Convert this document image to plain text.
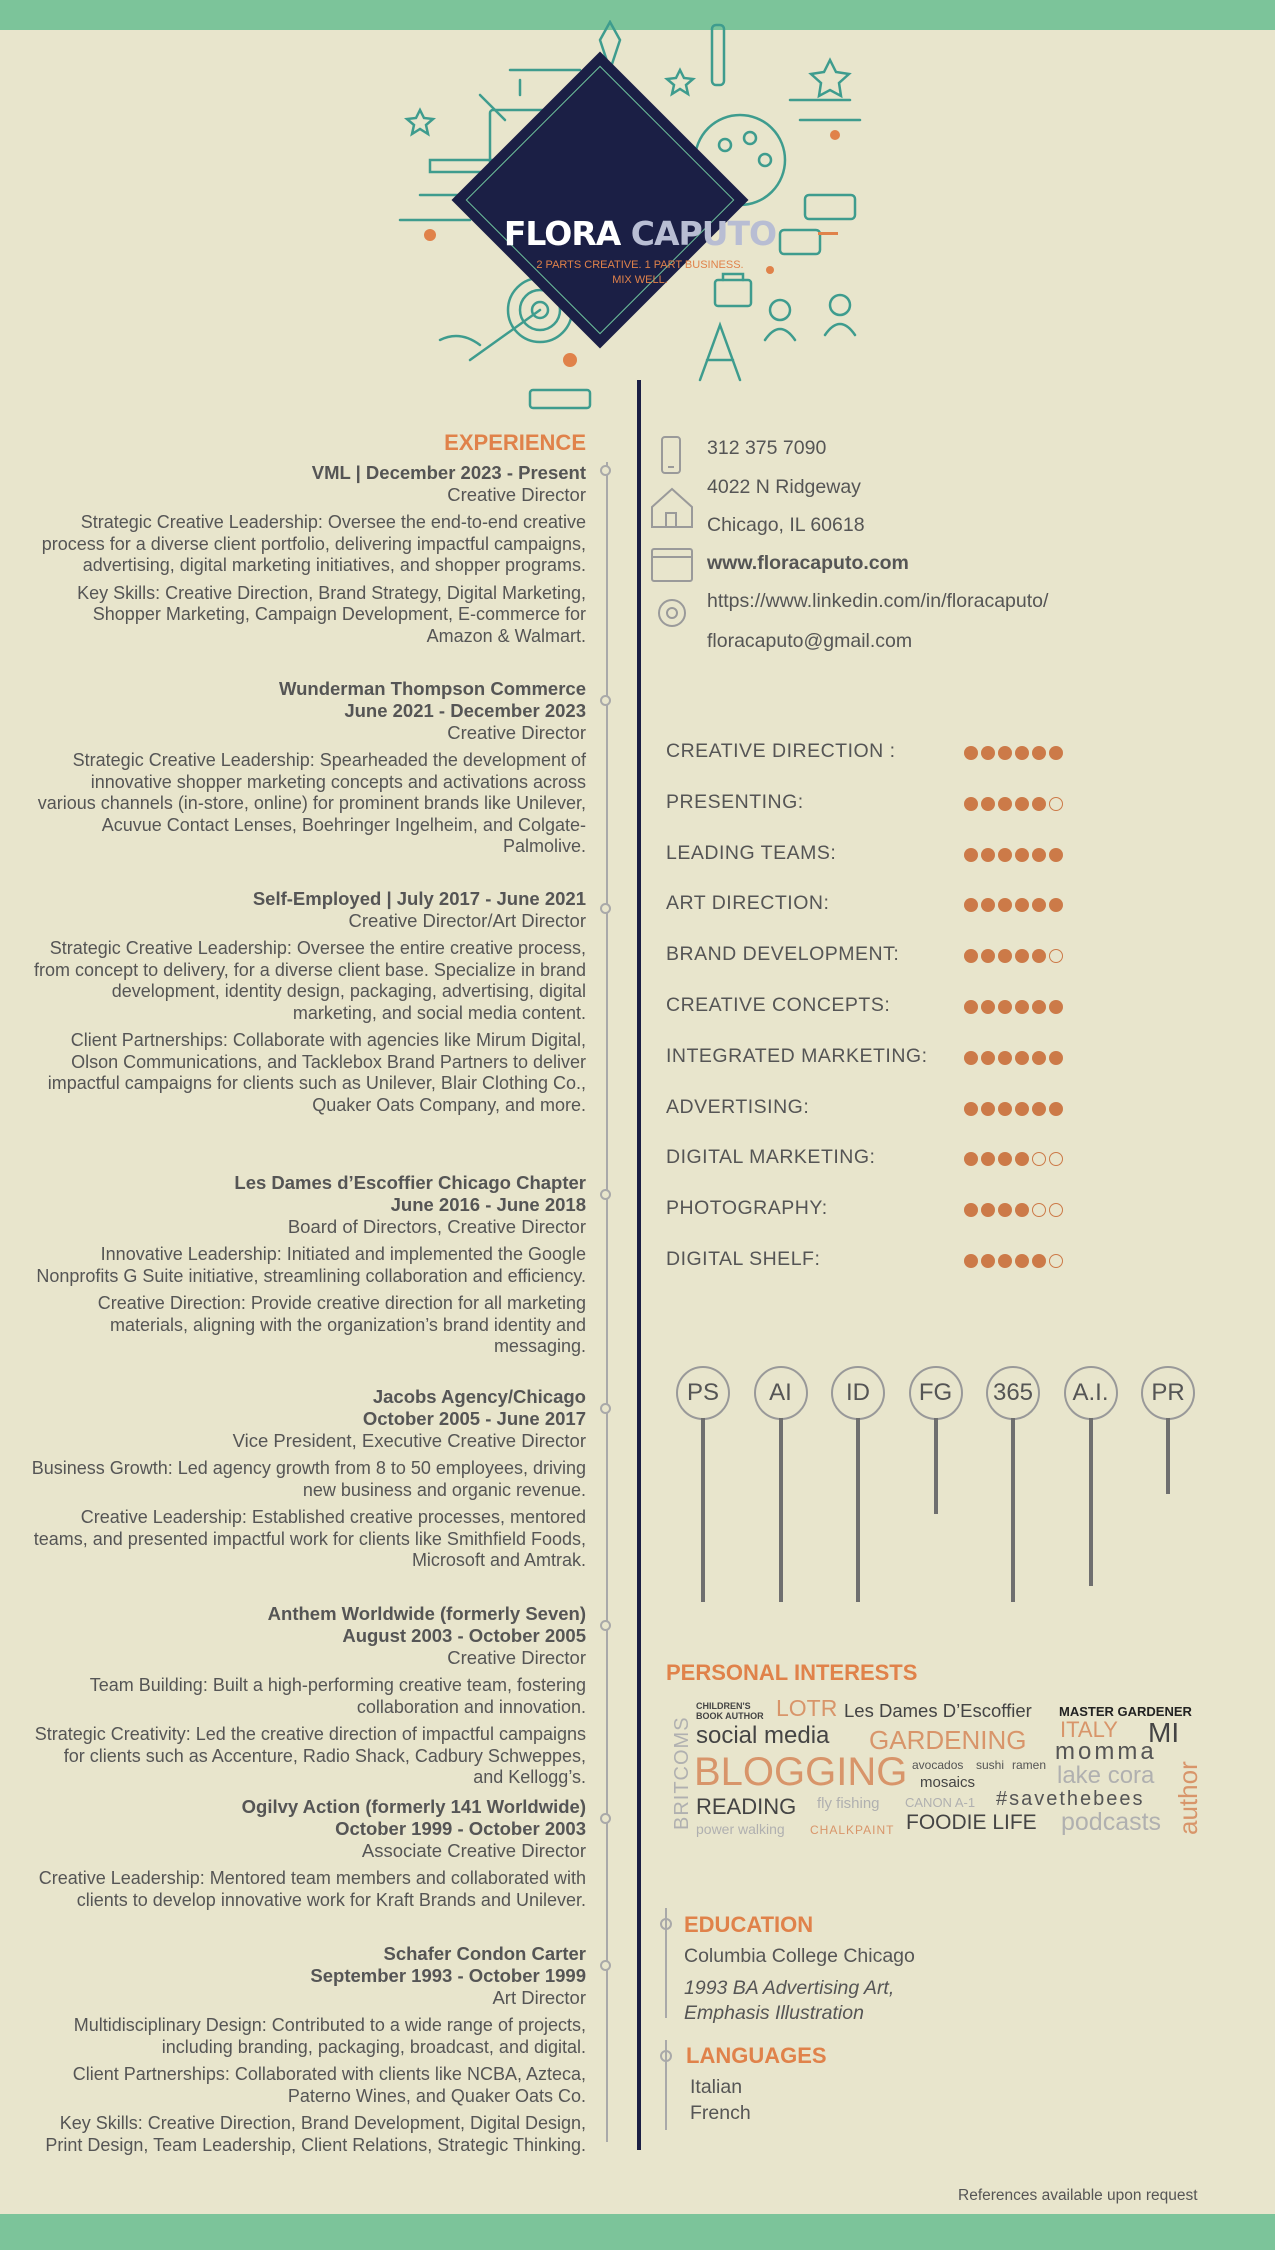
FLORA CAPUTO
2 PARTS CREATIVE. 1 PART BUSINESS. MIX WELL.
EXPERIENCE
VML | December 2023 - Present
Creative Director
Strategic Creative Leadership: Oversee the end-to-end creative process for a diverse client portfolio, delivering impactful campaigns, advertising, digital marketing initiatives, and shopper programs.
Key Skills: Creative Direction, Brand Strategy, Digital Marketing, Shopper Marketing, Campaign Development, E-commerce for Amazon & Walmart.
Wunderman Thompson Commerce
June 2021 - December 2023
Creative Director
Strategic Creative Leadership: Spearheaded the development of innovative shopper marketing concepts and activations across various channels (in-store, online) for prominent brands like Unilever, Acuvue Contact Lenses, Boehringer Ingelheim, and Colgate-Palmolive.
Self-Employed | July 2017 - June 2021
Creative Director/Art Director
Strategic Creative Leadership: Oversee the entire creative process, from concept to delivery, for a diverse client base. Specialize in brand development, identity design, packaging, advertising, digital marketing, and social media content.
Client Partnerships: Collaborate with agencies like Mirum Digital, Olson Communications, and Tacklebox Brand Partners to deliver impactful campaigns for clients such as Unilever, Blair Clothing Co., Quaker Oats Company, and more.
Les Dames d’Escoffier Chicago Chapter
June 2016 - June 2018
Board of Directors, Creative Director
Innovative Leadership: Initiated and implemented the Google Nonprofits G Suite initiative, streamlining collaboration and efficiency.
Creative Direction: Provide creative direction for all marketing materials, aligning with the organization’s brand identity and messaging.
Jacobs Agency/Chicago
October 2005 - June 2017
Vice President, Executive Creative Director
Business Growth: Led agency growth from 8 to 50 employees, driving new business and organic revenue.
Creative Leadership: Established creative processes, mentored teams, and presented impactful work for clients like Smithfield Foods, Microsoft and Amtrak.
Anthem Worldwide (formerly Seven)
August 2003 - October 2005
Creative Director
Team Building: Built a high-performing creative team, fostering collaboration and innovation.
Strategic Creativity: Led the creative direction of impactful campaigns for clients such as Accenture, Radio Shack, Cadbury Schweppes, and Kellogg’s.
Ogilvy Action (formerly 141 Worldwide)
October 1999 - October 2003
Associate Creative Director
Creative Leadership: Mentored team members and collaborated with clients to develop innovative work for Kraft Brands and Unilever.
Schafer Condon Carter
September 1993 - October 1999
Art Director
Multidisciplinary Design: Contributed to a wide range of projects, including branding, packaging, broadcast, and digital.
Client Partnerships: Collaborated with clients like NCBA, Azteca, Paterno Wines, and Quaker Oats Co.
Key Skills: Creative Direction, Brand Development, Digital Design, Print Design, Team Leadership, Client Relations, Strategic Thinking.
312 375 7090
4022 N Ridgeway
Chicago, IL 60618
www.floracaputo.com
https://www.linkedin.com/in/floracaputo/
floracaputo@gmail.com
CREATIVE DIRECTION :
PRESENTING:
LEADING TEAMS:
ART DIRECTION:
BRAND DEVELOPMENT:
CREATIVE CONCEPTS:
INTEGRATED MARKETING:
ADVERTISING:
DIGITAL MARKETING:
PHOTOGRAPHY:
DIGITAL SHELF:
PS	AI	ID	FG	365	A.I.	PR
PERSONAL INTERESTS
BRITCOMS
CHILDREN'S
BOOK AUTHOR LOTR Les Dames D’Escoffier MASTER GARDENER
social media GARDENING ITALY MI
momma
BLOGGING avocados sushi ramen
mosaics	lake cora author
READING fly fishing CANON A-1 #savethebees
power walking CHALKPAINT FOODIE LIFE podcasts
EDUCATION
Columbia College Chicago
1993 BA Advertising Art,
Emphasis Illustration
LANGUAGES
Italian
French
References available upon request
